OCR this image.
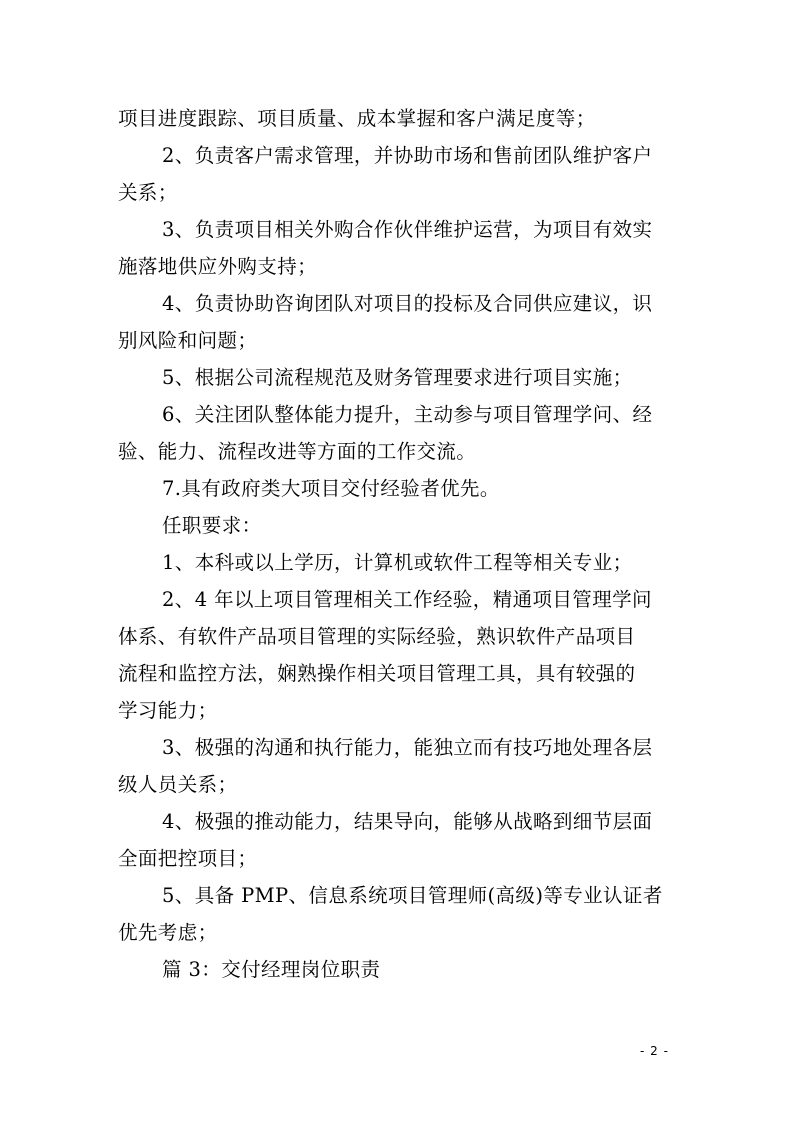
项目进度跟踪、项目质量、成本掌握和客户满足度等；
2、负责客户需求管理，并协助市场和售前团队维护客户
关系；
3、负责项目相关外购合作伙伴维护运营，为项目有效实
施落地供应外购支持；
4、负责协助咨询团队对项目的投标及合同供应建议，识
别风险和问题；
5、根据公司流程规范及财务管理要求进行项目实施；
6、关注团队整体能力提升，主动参与项目管理学问、经
验、能力、流程改进等方面的工作交流。
7.具有政府类大项目交付经验者优先。
任职要求：
1、本科或以上学历，计算机或软件工程等相关专业；
2、4 年以上项目管理相关工作经验，精通项目管理学问
体系、有软件产品项目管理的实际经验，熟识软件产品项目
流程和监控方法，娴熟操作相关项目管理工具，具有较强的
学习能力；
3、极强的沟通和执行能力，能独立而有技巧地处理各层
级人员关系；
4、极强的推动能力，结果导向，能够从战略到细节层面
全面把控项目；
5、具备 PMP、信息系统项目管理师(高级)等专业认证者
优先考虑；
篇 3：交付经理岗位职责
- 2 -
